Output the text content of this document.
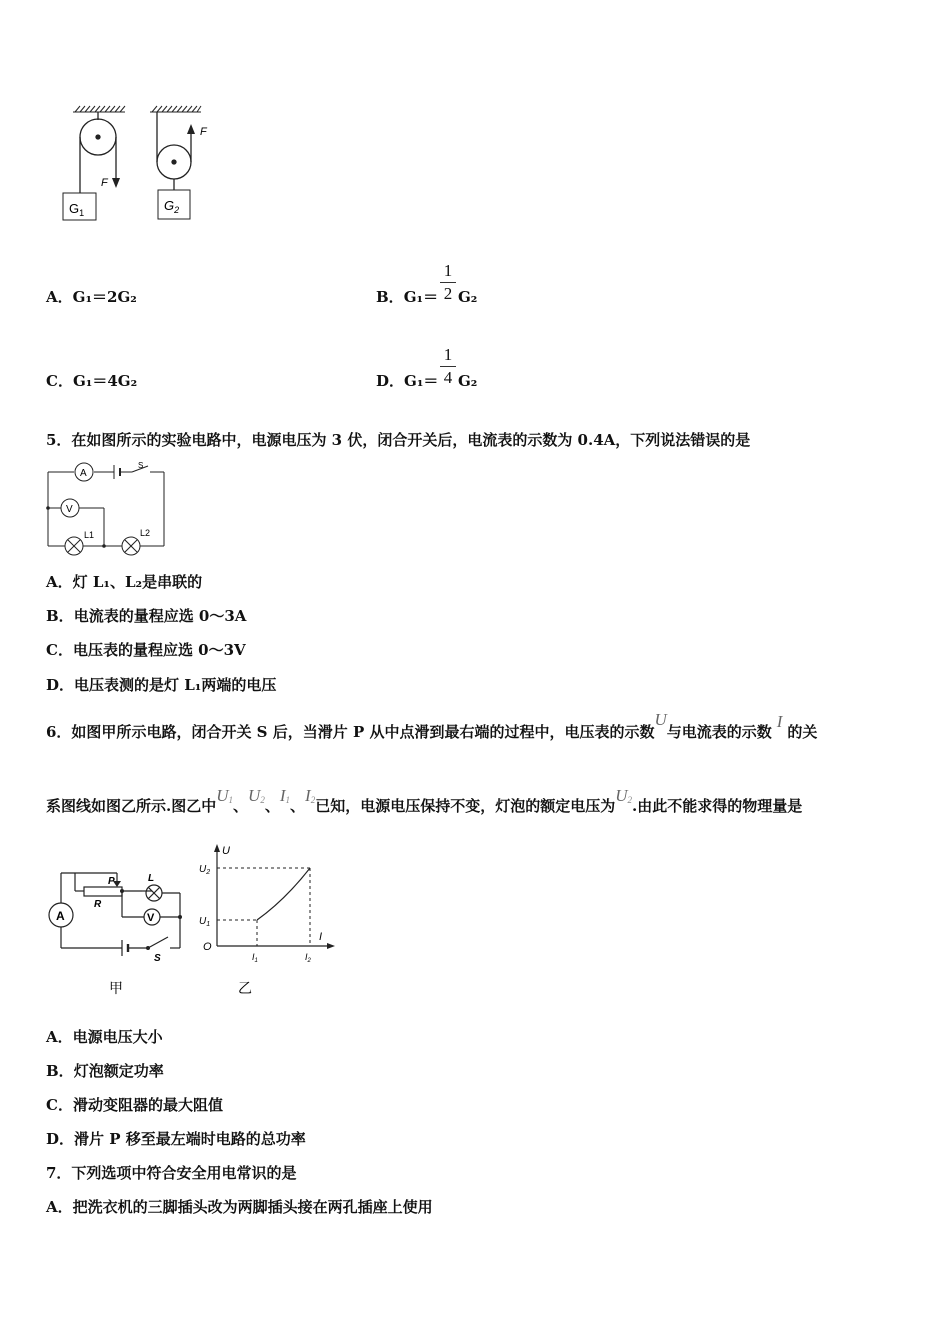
F
$G_1$
F
$G_2$
A．G₁＝2G₂	B．G₁＝
1
2 G₂
C．G₁＝4G₂	D．G₁＝
1
4 G₂
5．在如图所示的实验电路中，电源电压为 3 伏，闭合开关后，电流表的示数为 0.4A，下列说法错误的是
A
V
S
L1	L2
A．灯 L₁、L₂是串联的
B．电流表的量程应选 0～3A
C．电压表的量程应选 0～3V
D．电压表测的是灯 L₁两端的电压
6．如图甲所示电路，闭合开关 S 后，当滑片 P 从中点滑到最右端的过程中，电压表的示数U与电流表的示数I的关
系图线如图乙所示.图乙中$U_1$、$U_2$、$I_1$、$I_2$已知，电源电压保持不变，灯泡的额定电压为$U_2$.由此不能求得的物理量是
A	V
L
P
R
S
甲
U
I
O
$U_2$
$U_1$
$I_1$	$I_2$
乙
A．电源电压大小
B．灯泡额定功率
C．滑动变阻器的最大阻值
D．滑片 P 移至最左端时电路的总功率
7．下列选项中符合安全用电常识的是
A．把洗衣机的三脚插头改为两脚插头接在两孔插座上使用
